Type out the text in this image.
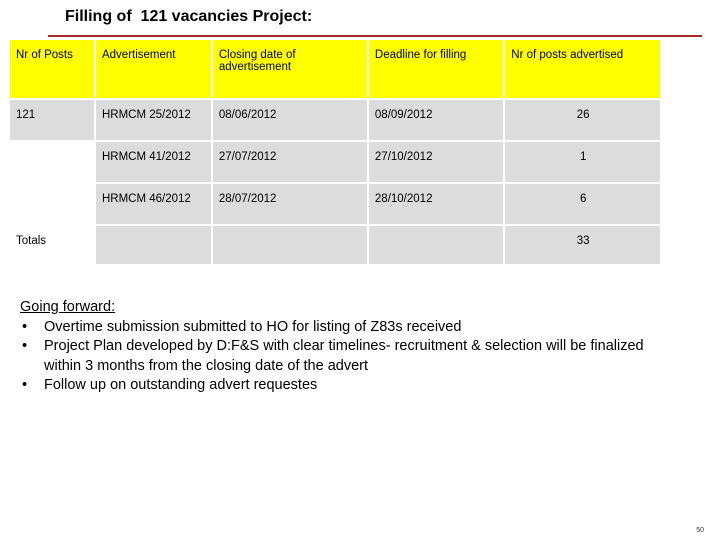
Filling of  121 vacancies Project:
Nr of Posts	Advertisement	Closing date of advertisement	Deadline for filling	Nr of posts advertised
121	HRMCM 25/2012	08/06/2012	08/09/2012	26
	HRMCM 41/2012	27/07/2012	27/10/2012	1
	HRMCM 46/2012	28/07/2012	28/10/2012	6
Totals				33
Going forward:
• Overtime submission submitted to HO for listing of Z83s received
• Project Plan developed by D:F&S with clear timelines- recruitment & selection will be finalized within 3 months from the closing date of the advert
• Follow up on outstanding advert requestes
50
